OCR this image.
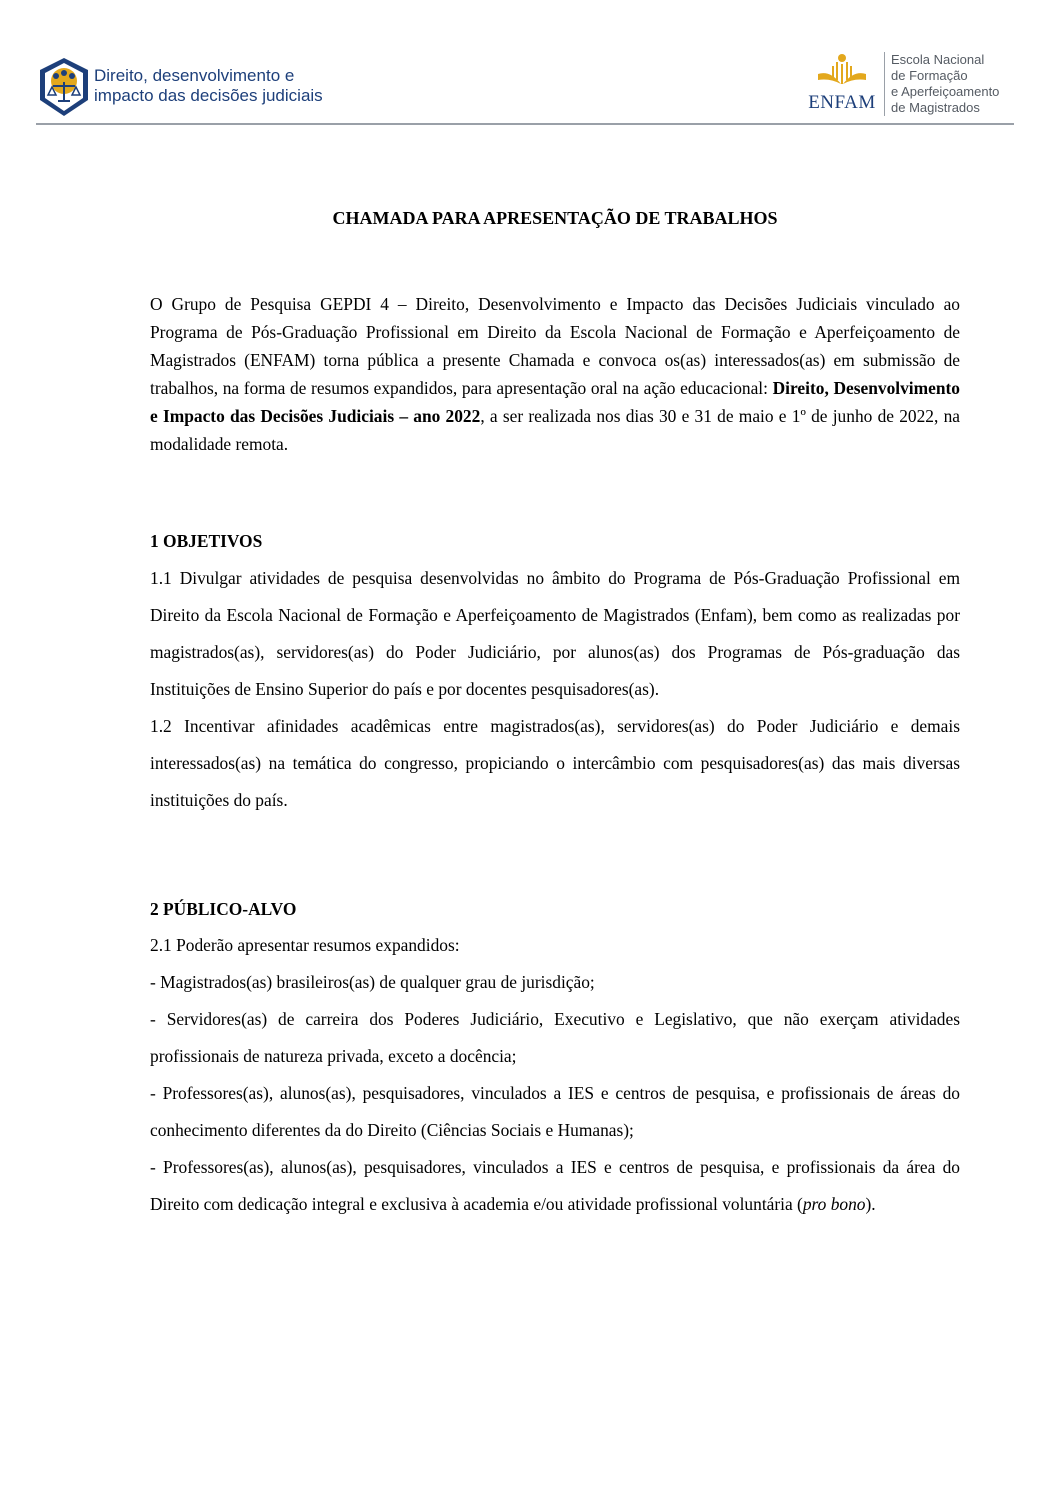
Direito, desenvolvimento e
impacto das decisões judiciais	ENFAM
Escola Nacional
de Formação
e Aperfeiçoamento
de Magistrados
CHAMADA PARA APRESENTAÇÃO DE TRABALHOS
O Grupo de Pesquisa GEPDI 4 – Direito, Desenvolvimento e Impacto das Decisões Judiciais vinculado ao Programa de Pós-Graduação Profissional em Direito da Escola Nacional de Formação e Aperfeiçoamento de Magistrados (ENFAM) torna pública a presente Chamada e convoca os(as) interessados(as) em submissão de trabalhos, na forma de resumos expandidos, para apresentação oral na ação educacional: Direito, Desenvolvimento e Impacto das Decisões Judiciais – ano 2022, a ser realizada nos dias 30 e 31 de maio e 1º de junho de 2022, na modalidade remota.
1 OBJETIVOS

1.1 Divulgar atividades de pesquisa desenvolvidas no âmbito do Programa de Pós-Graduação Profissional em Direito da Escola Nacional de Formação e Aperfeiçoamento de Magistrados (Enfam), bem como as realizadas por magistrados(as), servidores(as) do Poder Judiciário, por alunos(as) dos Programas de Pós-graduação das Instituições de Ensino Superior do país e por docentes pesquisadores(as).

1.2 Incentivar afinidades acadêmicas entre magistrados(as), servidores(as) do Poder Judiciário e demais interessados(as) na temática do congresso, propiciando o intercâmbio com pesquisadores(as) das mais diversas instituições do país.

2 PÚBLICO-ALVO

2.1 Poderão apresentar resumos expandidos:

- Magistrados(as) brasileiros(as) de qualquer grau de jurisdição;

- Servidores(as) de carreira dos Poderes Judiciário, Executivo e Legislativo, que não exerçam atividades profissionais de natureza privada, exceto a docência;

- Professores(as), alunos(as), pesquisadores, vinculados a IES e centros de pesquisa, e profissionais de áreas do conhecimento diferentes da do Direito (Ciências Sociais e Humanas);

- Professores(as), alunos(as), pesquisadores, vinculados a IES e centros de pesquisa, e profissionais da área do Direito com dedicação integral e exclusiva à academia e/ou atividade profissional voluntária (pro bono).
